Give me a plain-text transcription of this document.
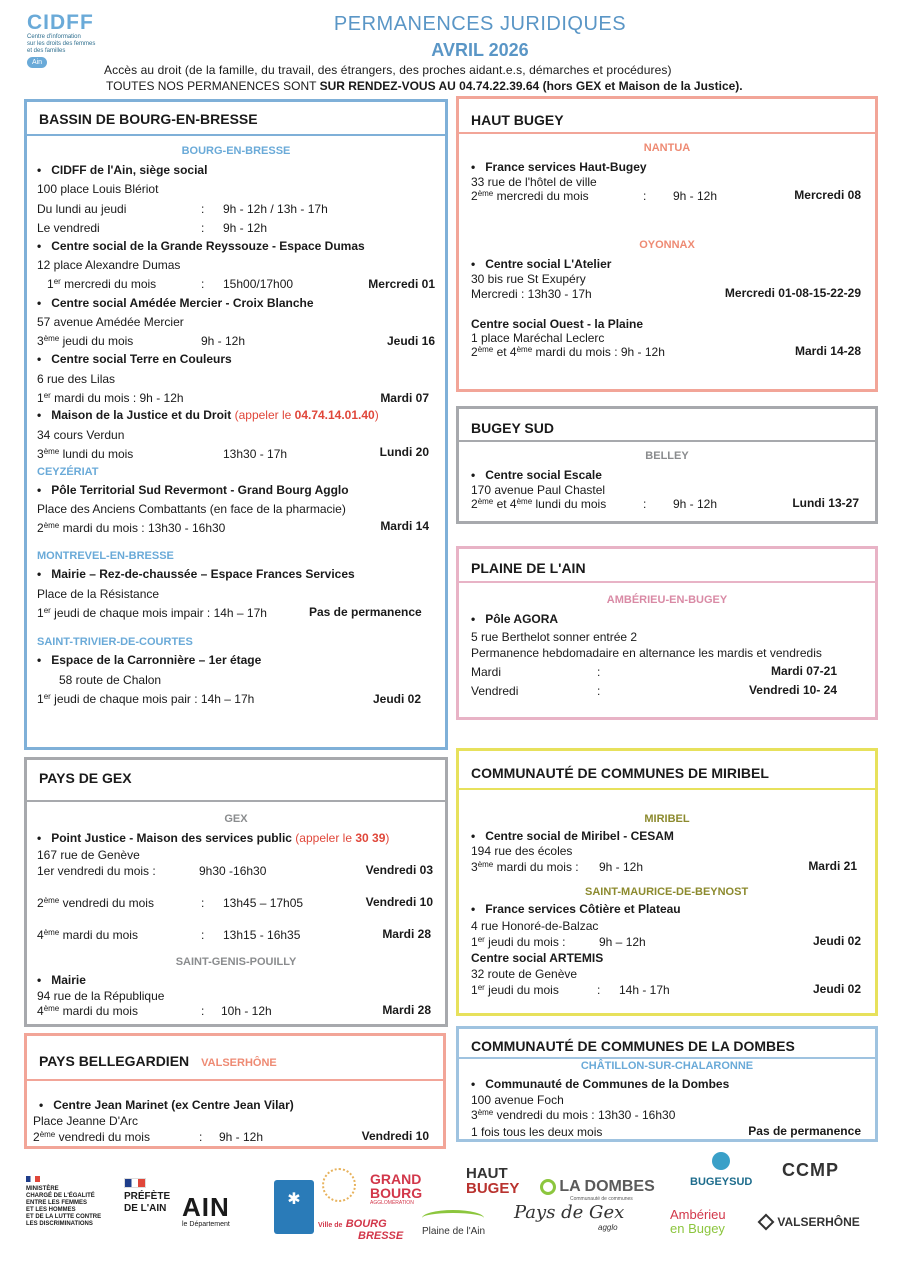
CIDFF
Centre d'information
sur les droits des femmes
et des familles
Ain
PERMANENCES JURIDIQUES
AVRIL 2026
Accès au droit (de la famille, du travail, des étrangers, des proches aidant.e.s, démarches et procédures)
TOUTES NOS PERMANENCES SONT SUR RENDEZ-VOUS AU 04.74.22.39.64 (hors GEX et Maison de la Justice).
BASSIN DE BOURG-EN-BRESSE
BOURG-EN-BRESSE
•   CIDFF de l'Ain, siège social
100 place Louis Blériot
Du lundi au jeudi	: 9h - 12h / 13h - 17h
Le vendredi	: 9h - 12h
•   Centre social de la Grande Reyssouze - Espace Dumas
12 place Alexandre Dumas
1er mercredi du mois	: 15h00/17h00	Mercredi 01
•   Centre social Amédée Mercier - Croix Blanche
57 avenue Amédée Mercier
3ème jeudi du mois	9h - 12h	Jeudi 16
•   Centre social Terre en Couleurs
6 rue des Lilas
1er mardi du mois : 9h - 12h	Mardi 07
•   Maison de la Justice et du Droit (appeler le 04.74.14.01.40)
34 cours Verdun
3ème lundi du mois	13h30 - 17h	Lundi 20
CEYZÉRIAT
•   Pôle Territorial Sud Revermont - Grand Bourg Agglo
Place des Anciens Combattants (en face de la pharmacie)
2ème mardi du mois : 13h30 - 16h30	Mardi 14
MONTREVEL-EN-BRESSE
•   Mairie – Rez-de-chaussée – Espace Frances Services
Place de la Résistance
1er jeudi de chaque mois impair : 14h – 17h	Pas de permanence
SAINT-TRIVIER-DE-COURTES
•   Espace de la Carronnière – 1er étage
58 route de Chalon
1er jeudi de chaque mois pair : 14h – 17h	Jeudi 02
HAUT BUGEY
NANTUA
•   France services Haut-Bugey
33 rue de l'hôtel de ville
2ème mercredi du mois	: 9h - 12h	Mercredi 08
OYONNAX
•   Centre social L'Atelier
30 bis rue St Exupéry
Mercredi : 13h30 - 17h	Mercredi 01-08-15-22-29
Centre social Ouest - la Plaine
1 place Maréchal Leclerc
2ème et 4ème mardi du mois : 9h - 12h	Mardi 14-28
BUGEY SUD
BELLEY
•   Centre social Escale
170 avenue Paul Chastel
2ème et 4ème lundi du mois	: 9h - 12h	Lundi 13-27
PLAINE DE L'AIN
AMBÉRIEU-EN-BUGEY
•   Pôle AGORA
5 rue Berthelot sonner entrée 2
Permanence hebdomadaire en alternance les mardis et vendredis
Mardi	:	Mardi 07-21
Vendredi	:	Vendredi 10- 24
PAYS DE GEX
GEX
•   Point Justice - Maison des services public (appeler le 30 39)
167 rue de Genève
1er vendredi du mois :	9h30 -16h30	Vendredi 03
2ème vendredi du mois	: 13h45 – 17h05	Vendredi 10
4ème mardi du mois	: 13h15 - 16h35	Mardi 28
SAINT-GENIS-POUILLY
•   Mairie
94 rue de la République
4ème mardi du mois	: 10h - 12h	Mardi 28
PAYS BELLEGARDIEN VALSERHÔNE
•   Centre Jean Marinet (ex Centre Jean Vilar)
Place Jeanne D'Arc
2ème vendredi du mois	: 9h - 12h	Vendredi 10
COMMUNAUTÉ DE COMMUNES DE MIRIBEL
MIRIBEL
•   Centre social de Miribel - CESAM
194 rue des écoles
3ème mardi du mois : 9h - 12h	Mardi 21
SAINT-MAURICE-DE-BEYNOST
•   France services Côtière et Plateau
4 rue Honoré-de-Balzac
1er jeudi du mois :	9h – 12h	Jeudi 02
Centre social ARTEMIS
32 route de Genève
1er jeudi du mois	: 14h - 17h	Jeudi 02
COMMUNAUTÉ DE COMMUNES DE LA DOMBES
CHÂTILLON-SUR-CHALARONNE
•   Communauté de Communes de la Dombes
100 avenue Foch
3ème vendredi du mois : 13h30 - 16h30
1 fois tous les deux mois	Pas de permanence
MINISTÈRE
CHARGÉ DE L'ÉGALITÉ
ENTRE LES FEMMES
ET LES HOMMES
ET DE LA LUTTE CONTRE
LES DISCRIMINATIONS
PRÉFÈTE
DE L'AIN AIN
le Département
✱
GRAND
BOURG
AGGLOMÉRATION
HAUT
BUGEY	LA DOMBES
Communauté de communes
BUGEYSUD
CCMP
Ville de BOURG
BRESSE Plaine de l'Ain
Pays de Gex
agglo
Ambérieu
en Bugey	VALSERHÔNE
